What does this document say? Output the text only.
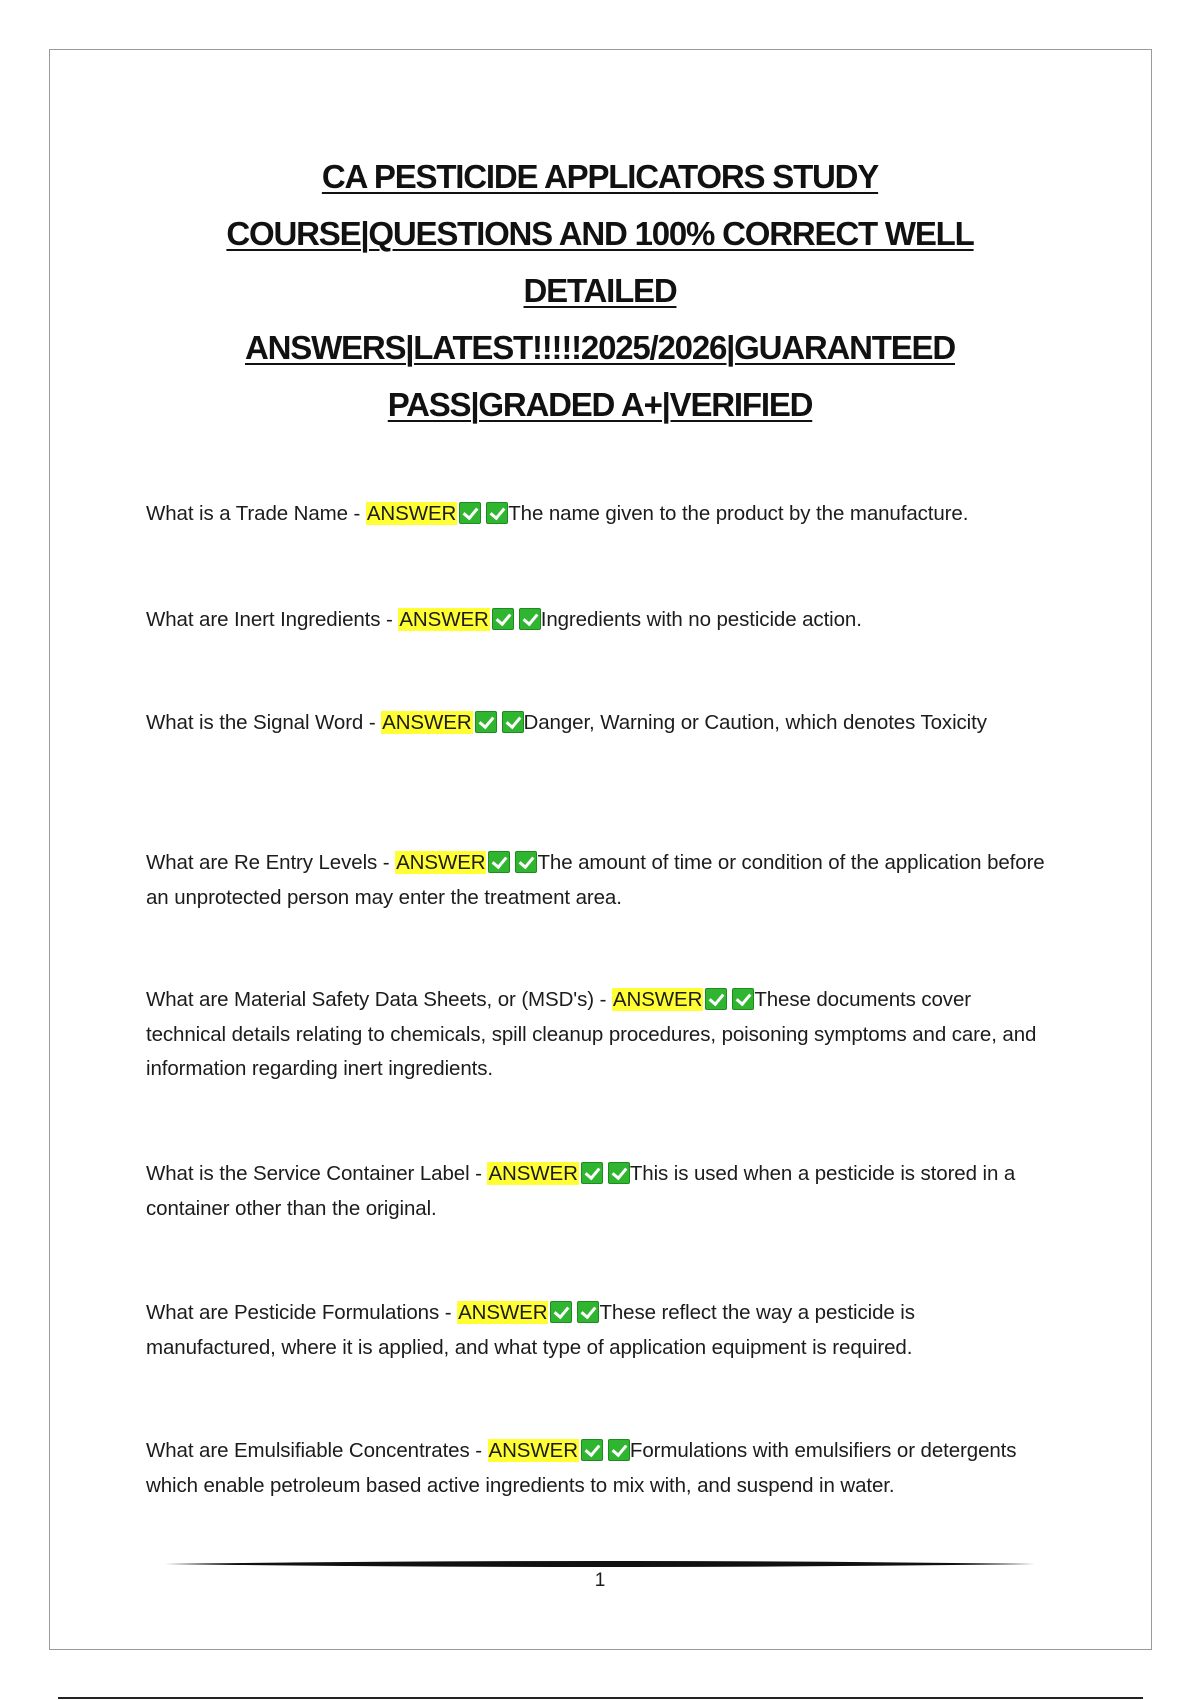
CA PESTICIDE APPLICATORS STUDY
COURSE|QUESTIONS AND 100% CORRECT WELL
DETAILED
ANSWERS|LATEST!!!!!2025/2026|GUARANTEED
PASS|GRADED A+|VERIFIED

What is a Trade Name - ANSWER	The name given to the product by the manufacture.

What are Inert Ingredients - ANSWER	Ingredients with no pesticide action.

What is the Signal Word - ANSWER	Danger, Warning or Caution, which denotes Toxicity

What are Re Entry Levels - ANSWER	The amount of time or condition of the application before an unprotected person may enter the treatment area.

What are Material Safety Data Sheets, or (MSD's) - ANSWER	These documents cover technical details relating to chemicals, spill cleanup procedures, poisoning symptoms and care, and information regarding inert ingredients.

What is the Service Container Label - ANSWER	This is used when a pesticide is stored in a container other than the original.

What are Pesticide Formulations - ANSWER	These reflect the way a pesticide is manufactured, where it is applied, and what type of application equipment is required.

What are Emulsifiable Concentrates - ANSWER	Formulations with emulsifiers or detergents which enable petroleum based active ingredients to mix with, and suspend in water.

1
